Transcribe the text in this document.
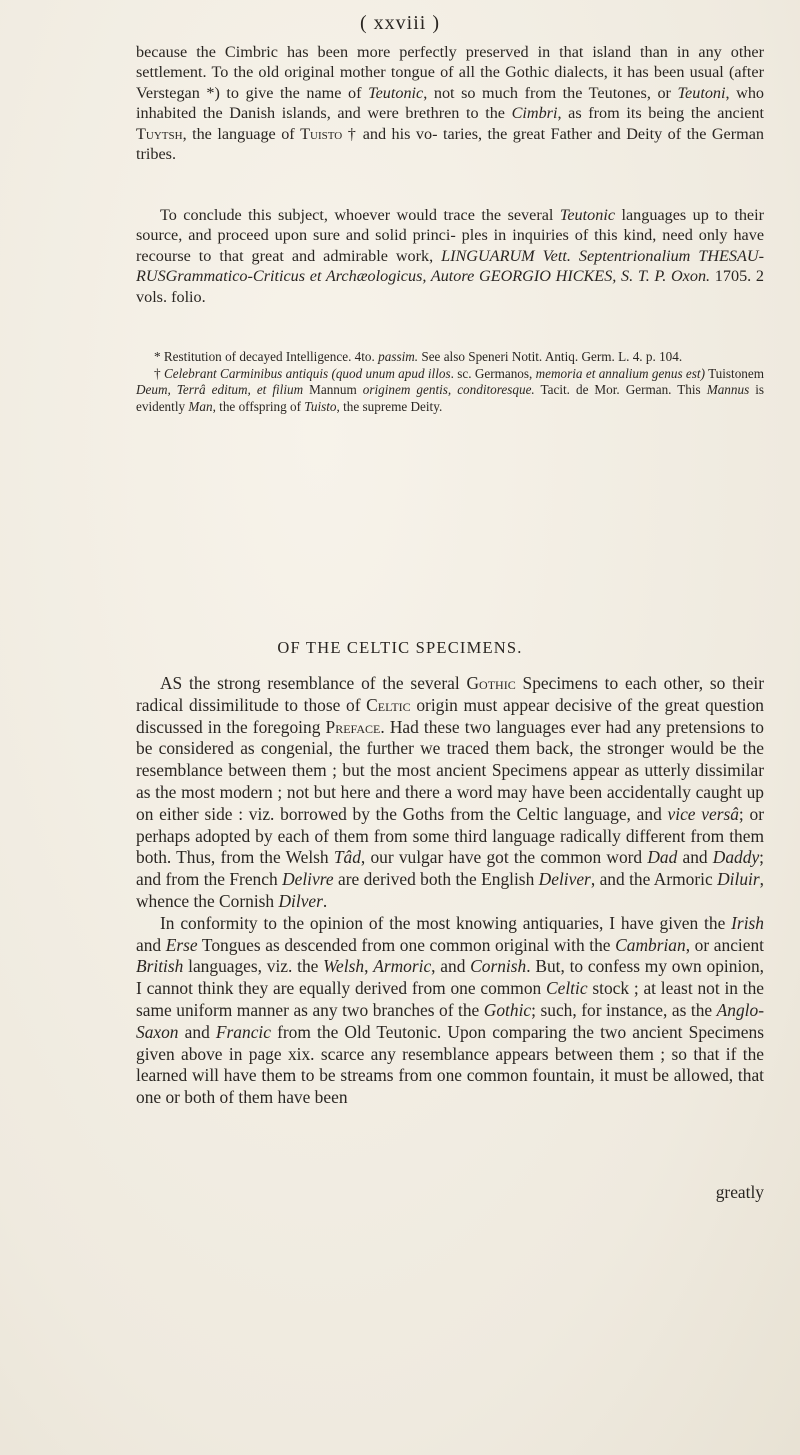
( xxviii )

because the Cimbric has been more perfectly preserved in that island than in any other settlement. To the old original mother tongue of all the Gothic dialects, it has been usual (after Verstegan *) to give the name of Teutonic, not so much from the Teutones, or Teutoni, who inhabited the Danish islands, and were brethren to the Cimbri, as from its being the ancient Tuytsh, the language of Tuisto † and his vo- taries, the great Father and Deity of the German tribes.

To conclude this subject, whoever would trace the several Teutonic languages up to their source, and proceed upon sure and solid princi- ples in inquiries of this kind, need only have recourse to that great and admirable work, LINGUARUM Vett. Septentrionalium THESAU- RUSGrammatico-Criticus et Archæologicus, Autore GEORGIO HICKES, S. T. P. Oxon. 1705. 2 vols. folio.

* Restitution of decayed Intelligence. 4to. passim. See also Speneri Notit. Antiq. Germ. L. 4. p. 104.

† Celebrant Carminibus antiquis (quod unum apud illos. sc. Germanos, memoria et annalium genus est) Tuistonem Deum, Terrâ editum, et filium Mannum originem gentis, conditoresque. Tacit. de Mor. German. This Mannus is evidently Man, the offspring of Tuisto, the supreme Deity.

OF THE CELTIC SPECIMENS.

AS the strong resemblance of the several Gothic Specimens to each other, so their radical dissimilitude to those of Celtic origin must appear decisive of the great question discussed in the foregoing Preface. Had these two languages ever had any pretensions to be considered as congenial, the further we traced them back, the stronger would be the resemblance between them ; but the most ancient Specimens appear as utterly dissimilar as the most modern ; not but here and there a word may have been accidentally caught up on either side : viz. borrowed by the Goths from the Celtic language, and vice versâ; or perhaps adopted by each of them from some third language radically different from them both. Thus, from the Welsh Tâd, our vulgar have got the common word Dad and Daddy; and from the French Delivre are derived both the English Deliver, and the Armoric Diluir, whence the Cornish Dilver.

In conformity to the opinion of the most knowing antiquaries, I have given the Irish and Erse Tongues as descended from one common original with the Cambrian, or ancient British languages, viz. the Welsh, Armoric, and Cornish. But, to confess my own opinion, I cannot think they are equally derived from one common Celtic stock ; at least not in the same uniform manner as any two branches of the Gothic; such, for instance, as the Anglo-Saxon and Francic from the Old Teutonic. Upon comparing the two ancient Specimens given above in page xix. scarce any resemblance appears between them ; so that if the learned will have them to be streams from one common fountain, it must be allowed, that one or both of them have been

greatly
